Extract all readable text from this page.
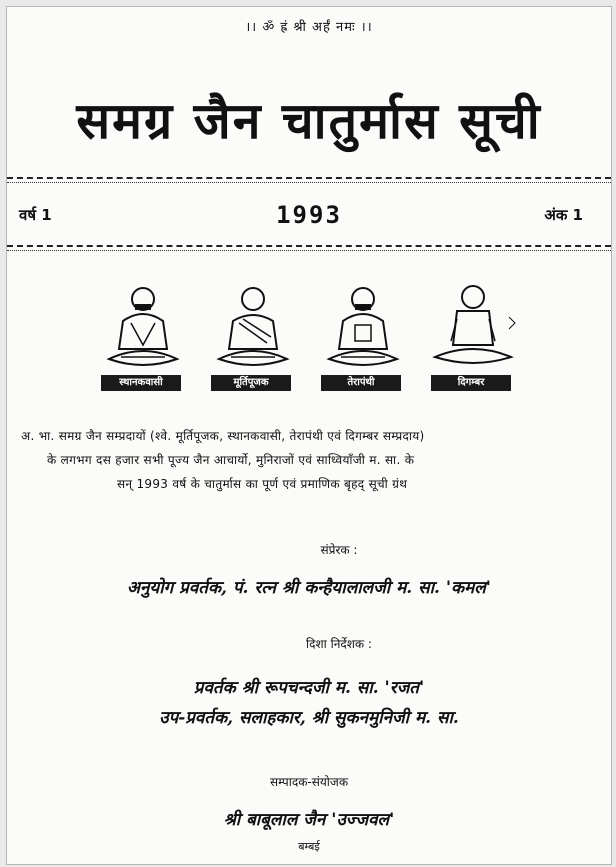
।। ॐ ह्रं श्री अर्हं नमः ।।
समग्र जैन चातुर्मास सूची
वर्ष 1	1993	अंक 1
स्थानकवासी	मूर्तिपूजक	तेरापंथी	दिगम्बर
अ. भा. समग्र जैन सम्प्रदायों (श्वे. मूर्तिपूजक, स्थानकवासी, तेरापंथी एवं दिगम्बर सम्प्रदाय)
के लगभग दस हजार सभी पूज्य जैन आचार्यो, मुनिराजों एवं साध्वियाँजी म. सा. के
सन् 1993 वर्ष के चातुर्मास का पूर्ण एवं प्रमाणिक बृहद् सूची ग्रंथ
संप्रेरक :
अनुयोग प्रवर्तक, पं. रत्न श्री कन्हैयालालजी म. सा. 'कमल'
दिशा निर्देशक :
प्रवर्तक श्री रूपचन्दजी म. सा. 'रजत'
उप-प्रवर्तक, सलाहकार, श्री सुकनमुनिजी म. सा.
सम्पादक-संयोजक
श्री बाबूलाल जैन 'उज्जवल'
बम्बई
